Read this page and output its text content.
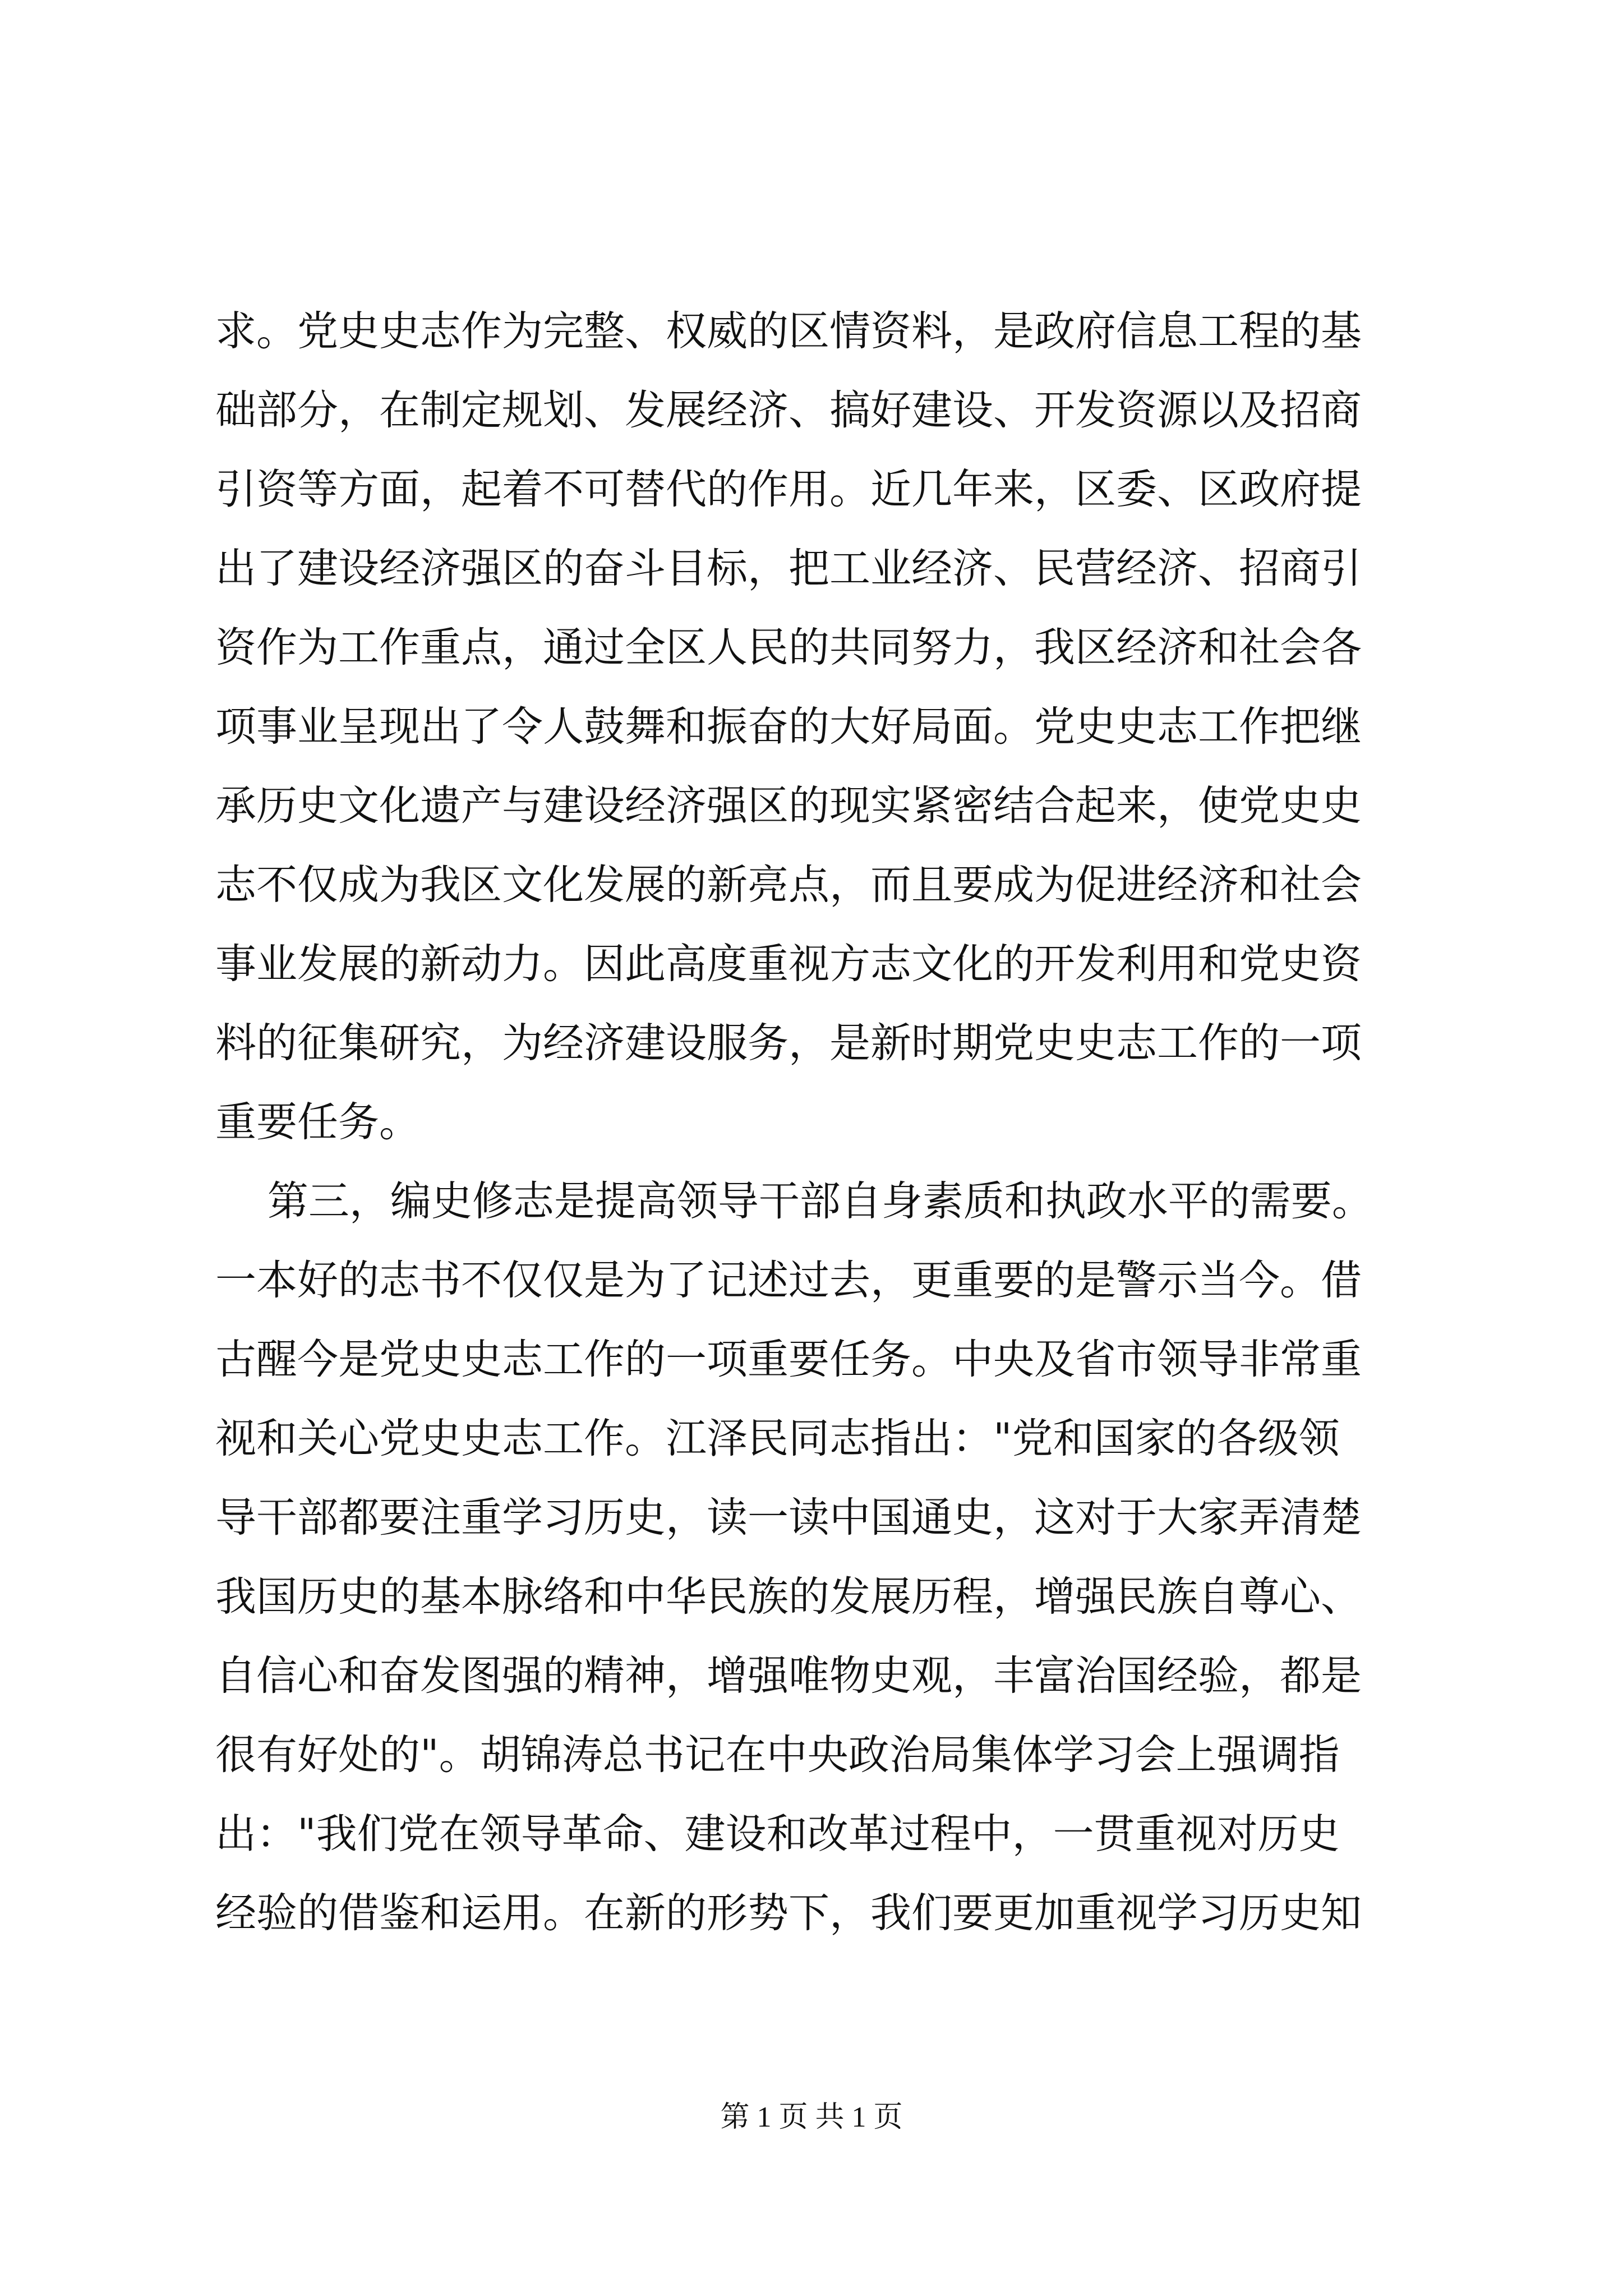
求。党史史志作为完整、权威的区情资料，是政府信息工程的基
础部分，在制定规划、发展经济、搞好建设、开发资源以及招商
引资等方面，起着不可替代的作用。近几年来，区委、区政府提
出了建设经济强区的奋斗目标，把工业经济、民营经济、招商引
资作为工作重点，通过全区人民的共同努力，我区经济和社会各
项事业呈现出了令人鼓舞和振奋的大好局面。党史史志工作把继
承历史文化遗产与建设经济强区的现实紧密结合起来，使党史史
志不仅成为我区文化发展的新亮点，而且要成为促进经济和社会
事业发展的新动力。因此高度重视方志文化的开发利用和党史资
料的征集研究，为经济建设服务，是新时期党史史志工作的一项
重要任务。
第三，编史修志是提高领导干部自身素质和执政水平的需要。
一本好的志书不仅仅是为了记述过去，更重要的是警示当今。借
古醒今是党史史志工作的一项重要任务。中央及省市领导非常重
视和关心党史史志工作。江泽民同志指出："党和国家的各级领
导干部都要注重学习历史，读一读中国通史，这对于大家弄清楚
我国历史的基本脉络和中华民族的发展历程，增强民族自尊心、
自信心和奋发图强的精神，增强唯物史观，丰富治国经验，都是
很有好处的"。胡锦涛总书记在中央政治局集体学习会上强调指
出："我们党在领导革命、建设和改革过程中，一贯重视对历史
经验的借鉴和运用。在新的形势下，我们要更加重视学习历史知
第 1 页 共 1 页
